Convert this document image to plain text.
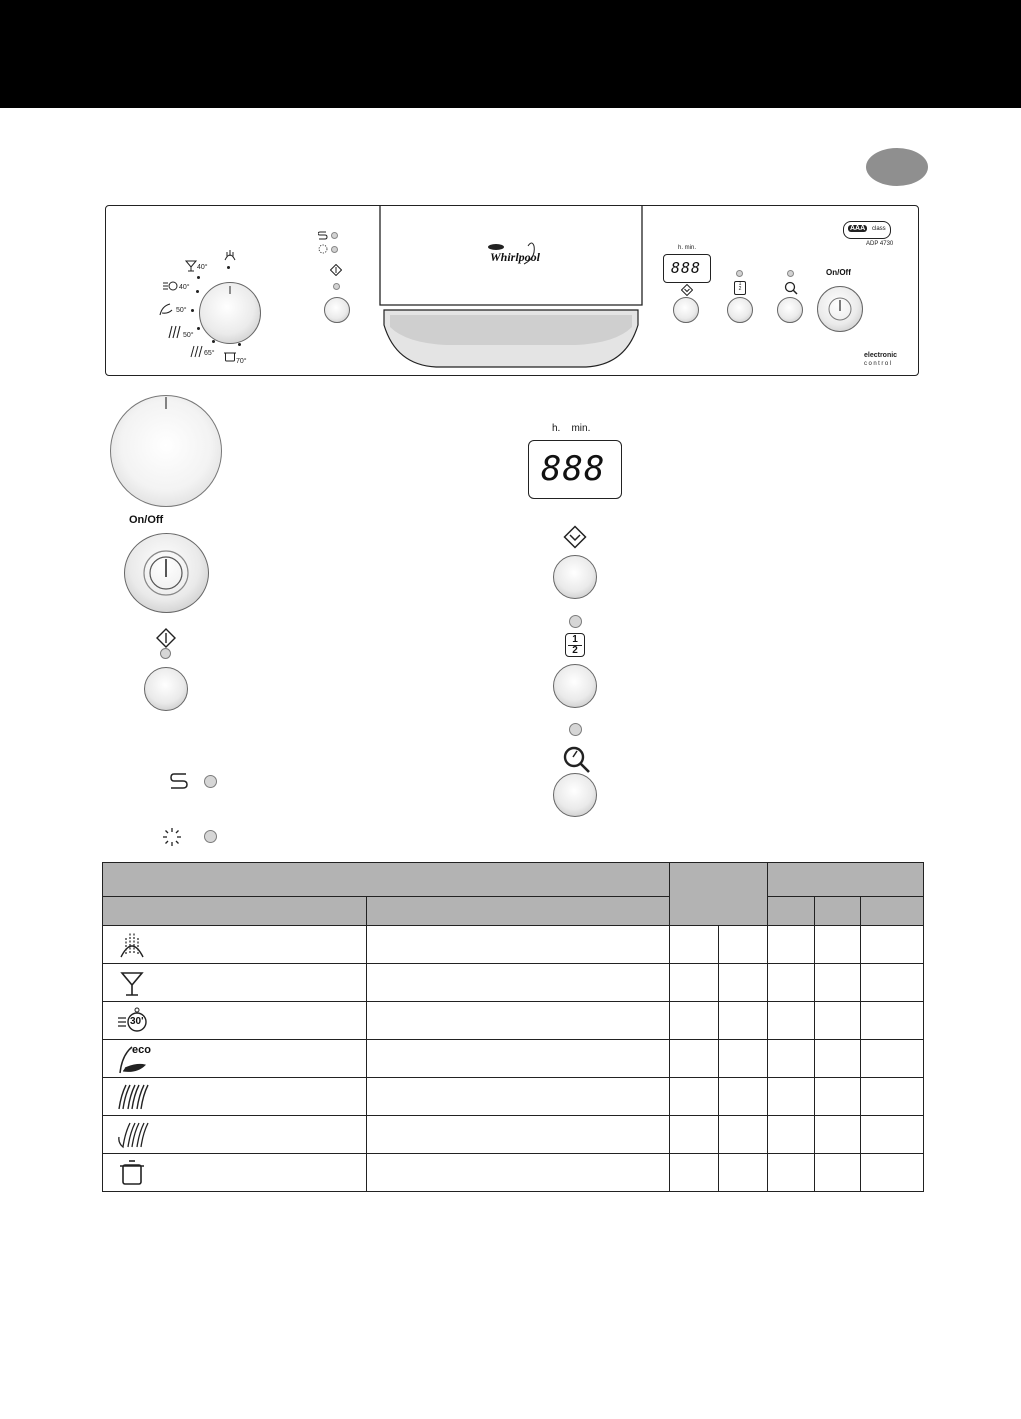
Whirlpool
40°
40°
50°
50°
65°
70°
AAA	class
ADP 4730
h. min.
888
1
2
On/Off
electronic
control
On/Off
h.    min.
888
1
2

30'						

eco						
